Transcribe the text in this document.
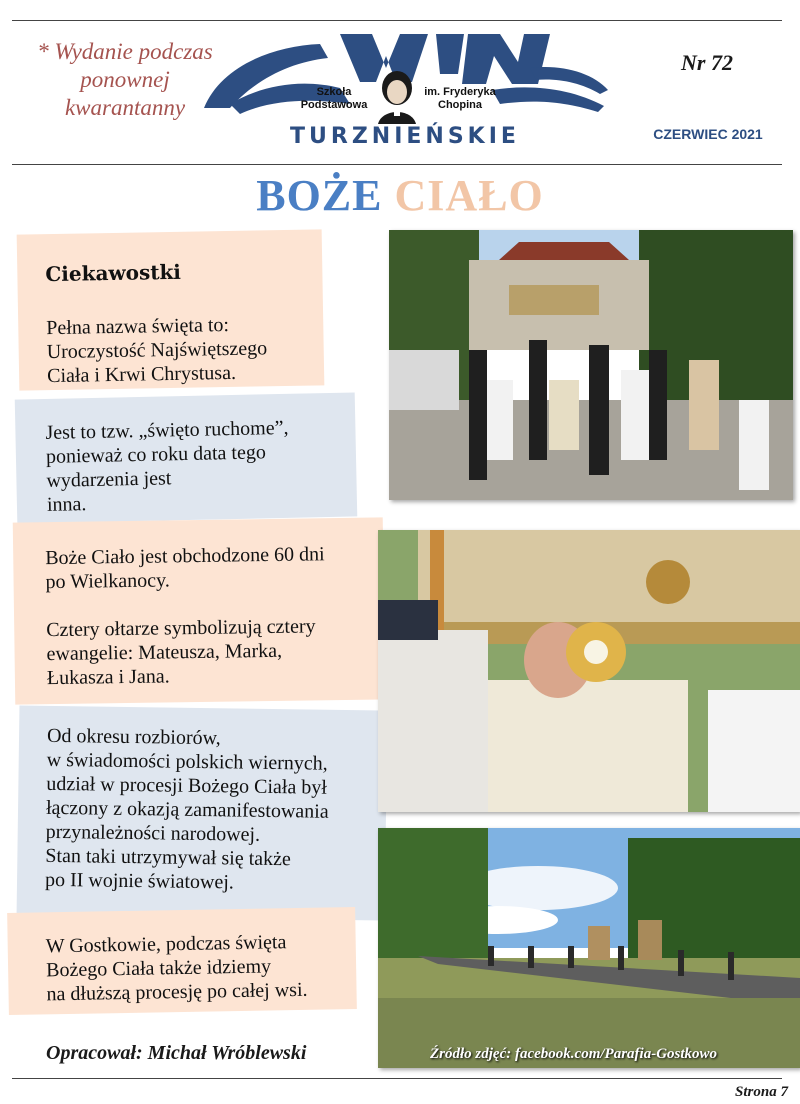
* Wydanie podczas
ponownej
kwarantanny
Szkoła
Podstawowa
im. Fryderyka
Chopina
TURZNIEŃSKIE
Nr 72
CZERWIEC 2021
BOŻE CIAŁO
Ciekawostki

Pełna nazwa święta to:

Uroczystość Najświętszego

Ciała i Krwi Chrystusa.

Jest to tzw. „święto ruchome”,

ponieważ co roku data tego

wydarzenia jest

inna.

Boże Ciało jest obchodzone 60 dni

po Wielkanocy.

Cztery ołtarze symbolizują cztery

ewangelie: Mateusza, Marka,

Łukasza i Jana.

Od okresu rozbiorów,

w świadomości polskich wiernych,

udział w procesji Bożego Ciała był

łączony z okazją zamanifestowania

przynależności narodowej.

Stan taki utrzymywał się także

po II wojnie światowej.

W Gostkowie, podczas święta

Bożego Ciała także idziemy

na dłuższą procesję po całej wsi.

Opracował: Michał Wróblewski	Źródło zdjęć: facebook.com/Parafia-Gostkowo
Strona 7
